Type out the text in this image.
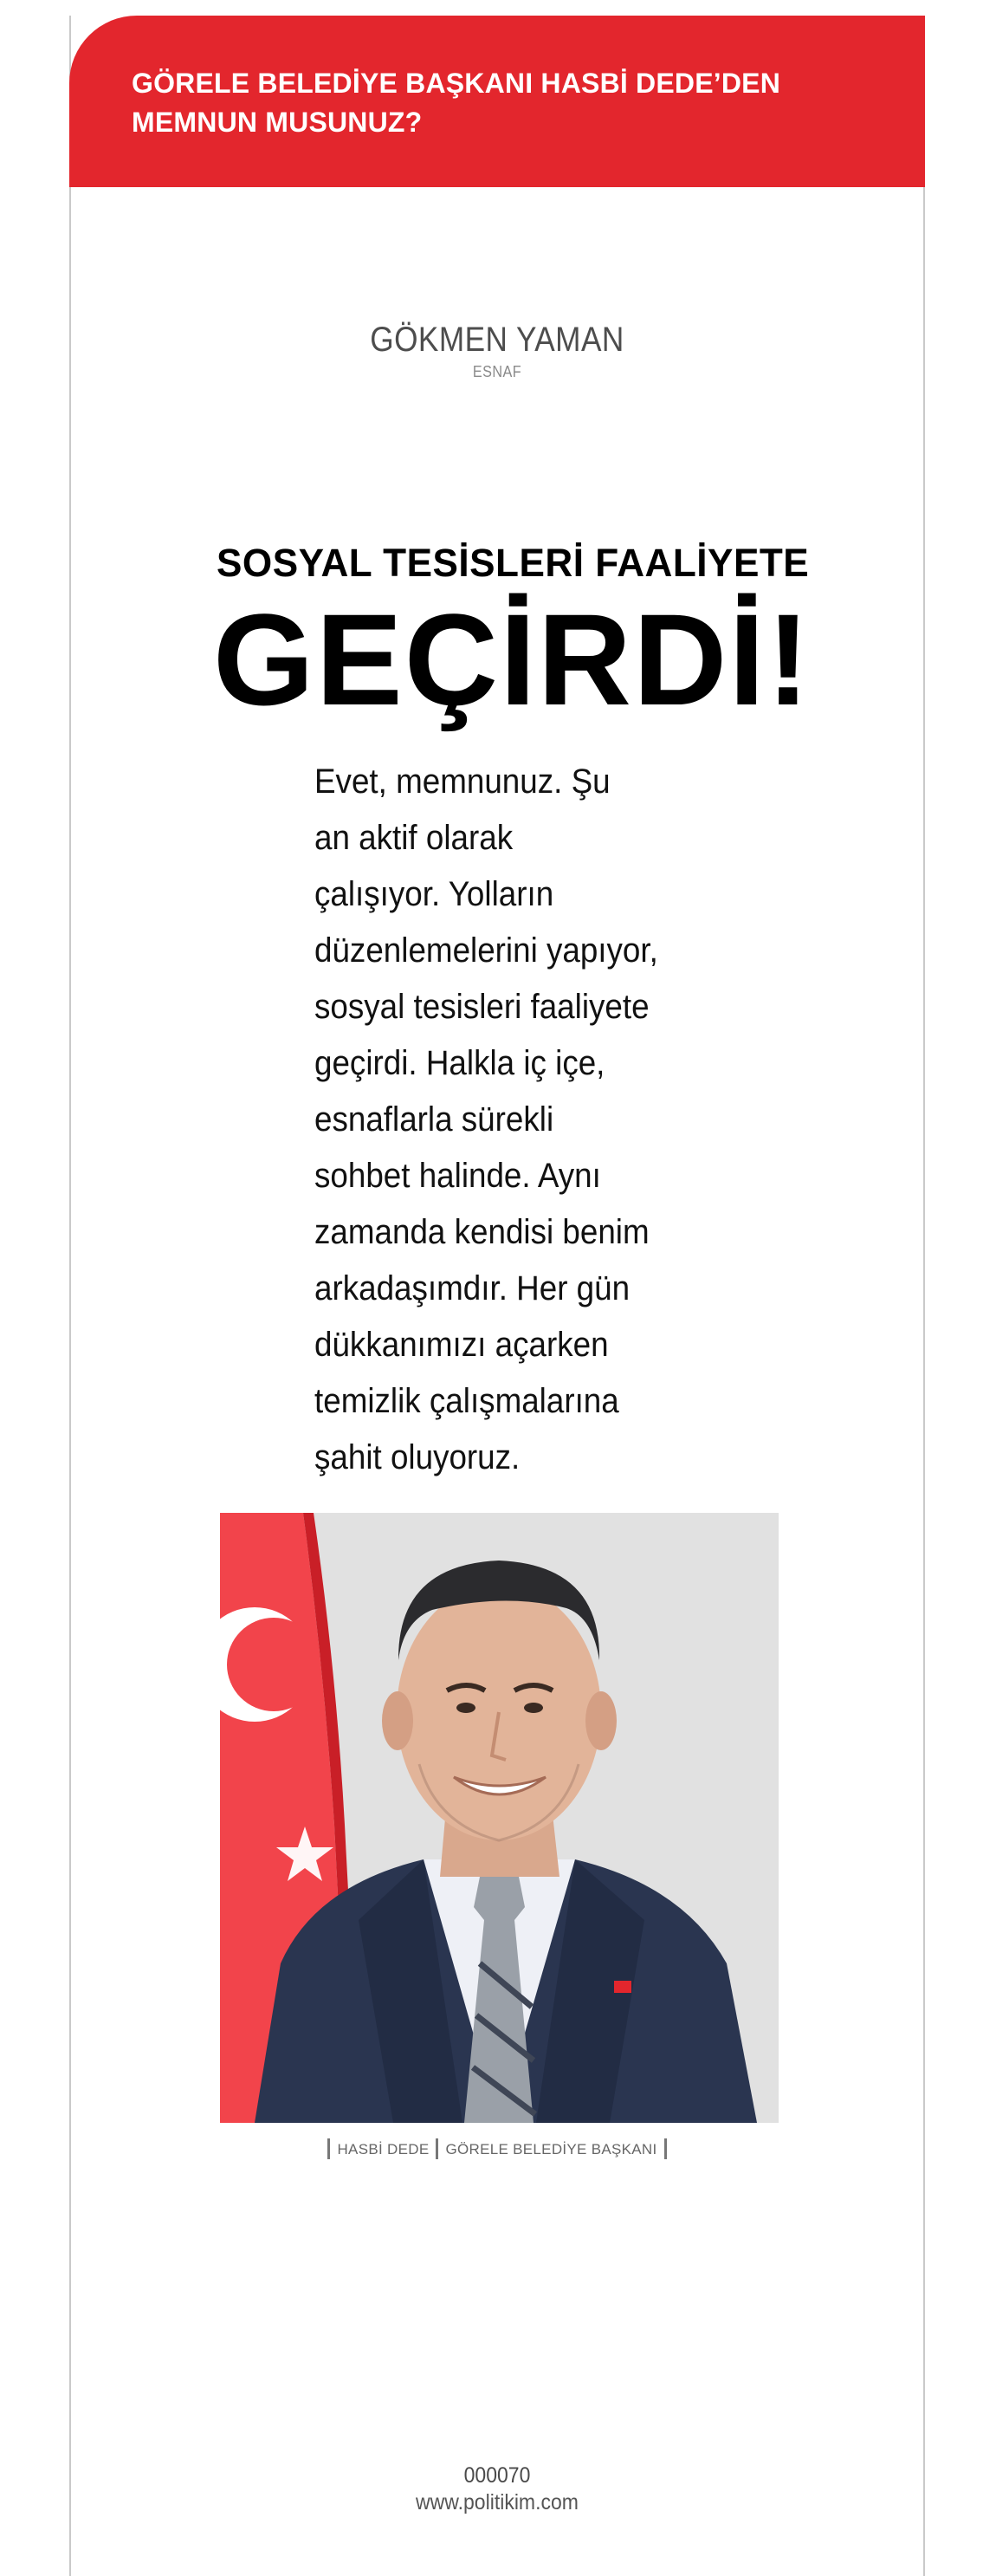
GÖRELE BELEDİYE BAŞKANI HASBİ DEDE’DEN
MEMNUN MUSUNUZ?

GÖKMEN YAMAN
ESNAF

SOSYAL TESİSLERİ FAALİYETE

GEÇİRDİ!

Evet, memnunuz. Şu
an aktif olarak
çalışıyor. Yolların
düzenlemelerini yapıyor,
sosyal tesisleri faaliyete
geçirdi. Halkla iç içe,
esnaflarla sürekli
sohbet halinde. Aynı
zamanda kendisi benim
arkadaşımdır. Her gün
dükkanımızı açarken
temizlik çalışmalarına
şahit oluyoruz.

HASBİ DEDE GÖRELE BELEDİYE BAŞKANI
000070
www.politikim.com
